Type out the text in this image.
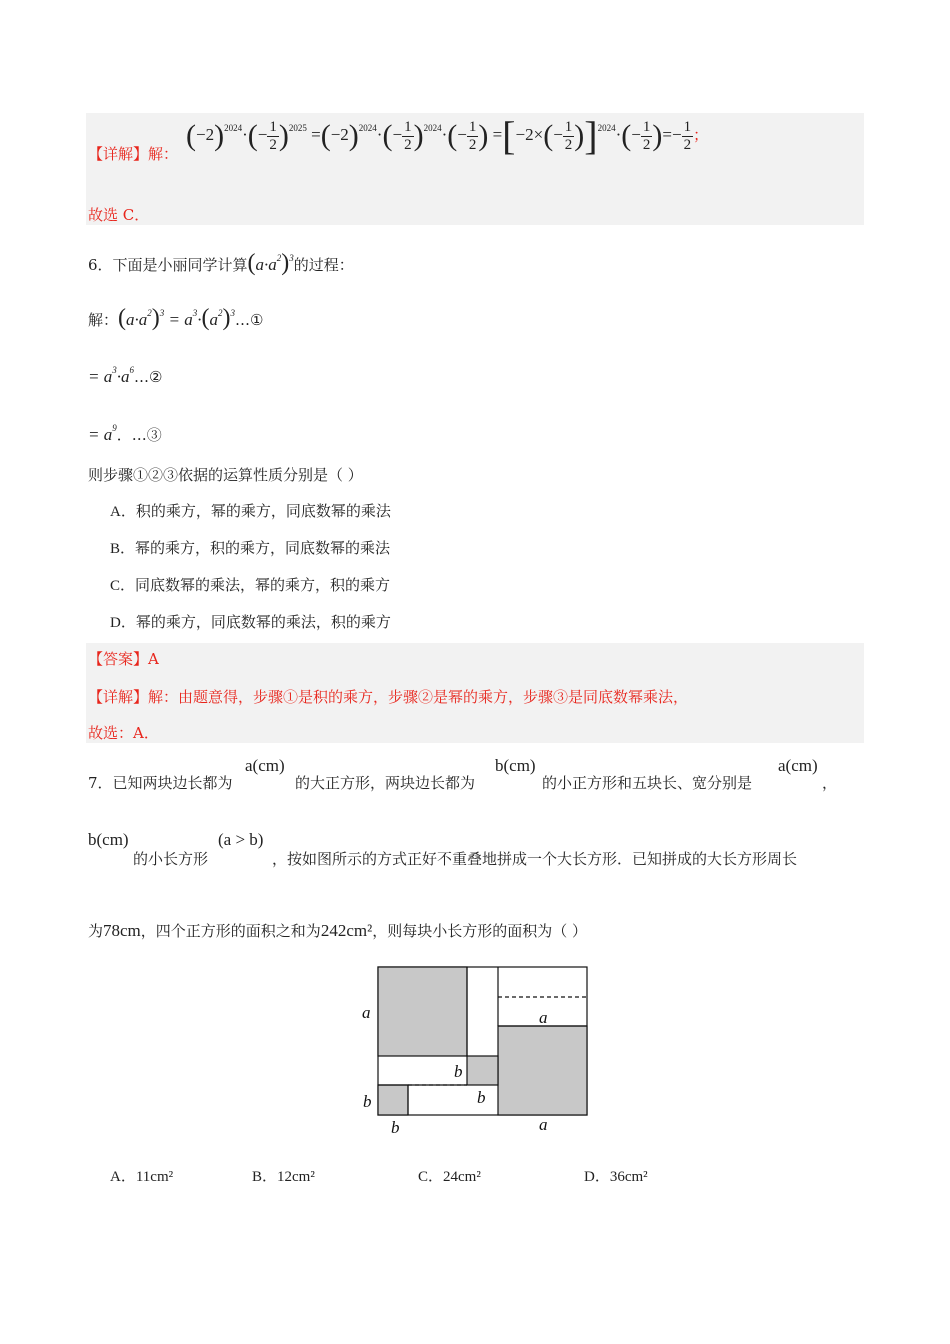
【详解】解：
$(-2)^{2024}\cdot(- \frac{1}{2} )^{2025} =(-2)^{2024}\cdot(- \frac{1}{2} )^{2024}\cdot(- \frac{1}{2}$ ) $=[-2\times(- \frac{1}{2} )]^{2024}\cdot(- \frac{1}{2}$ )=− $\frac{1}{2}$ ；
故选 C．
6．下面是小丽同学计算$(a\cdot a^2)^3$的过程：
解：$(a\cdot a^2)^3$ = $a^3\cdot(a^2)^3\dots ①$
= $a^3\cdot a^6\dots ②$
= $a^9$．…③
则步骤①②③依据的运算性质分别是（ ）
A．积的乘方，幂的乘方，同底数幂的乘法
B．幂的乘方，积的乘方，同底数幂的乘法
C．同底数幂的乘法，幂的乘方，积的乘方
D．幂的乘方，同底数幂的乘法，积的乘方
【答案】A
【详解】解：由题意得，步骤①是积的乘方，步骤②是幂的乘方，步骤③是同底数幂乘法，
故选：A．
a(cm)	b(cm)	a(cm)
7．已知两块边长都为	的大正方形，两块边长都为	的小正方形和五块长、宽分别是	，
b(cm)	(a > b)
的小长方形	，按如图所示的方式正好不重叠地拼成一个大长方形．已知拼成的大长方形周长
为78cm，四个正方形的面积之和为242cm²，则每块小长方形的面积为（ ）
a	a
a
b
b
b
b
A．11cm²	B．12cm²	C．24cm²	D．36cm²
